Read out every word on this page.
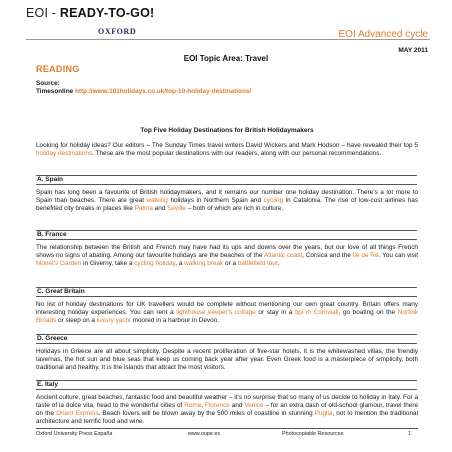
EOI - READY-TO-GO!
OXFORD	EOI Advanced cycle
MAY 2011
EOI Topic Area: Travel
READING
Source:
Timesonline http://www.101holidays.co.uk/top-10-holiday-destinations/
Top Five Holiday Destinations for British Holidaymakers
Looking for holiday ideas? Our editors – The Sunday Times travel writers David Wickers and Mark Hodson – have revealed their top 5 holiday destinations. These are the most popular destinations with our readers, along with our personal recommendations.
A. Spain
Spain has long been a favourite of British holidaymakers, and it remains our number one holiday destination. There’s a lot more to Spain than beaches. There are great walking holidays in Northern Spain and cycling in Catalonia. The rise of low-cost airlines has benefited city breaks in places like Palma and Seville – both of which are rich in culture.
B. France
The relationship between the British and French may have had its ups and downs over the years, but our love of all things French shows no signs of abating. Among our favourite holidays are the beaches of the Atlantic coast, Corsica and the Ile de Ré. You can visit Monet’s Garden in Giverny, take a cycling holiday, a walking break or a battlefield tour.
C. Great Britain
No list of holiday destinations for UK travellers would be complete without mentioning our own great country. Britain offers many interesting holiday experiences. You can rent a lighthouse keeper's cottage or stay in a tipi in Cornwall, go boating on the Norfolk Broads or sleep on a luxury yacht moored in a harbour in Devon.
D. Greece
Holidays in Greece are all about simplicity. Despite a recent proliferation of five-star hotels, it is the whitewashed villas, the friendly tavernas, the hot sun and blue seas that keep us coming back year after year. Even Greek food is a masterpiece of simplicity, both traditional and healthy. It is the islands that attract the most visitors.
E. Italy
Ancient culture, great beaches, fantastic food and beautiful weather – it’s no surprise that so many of us decide to holiday in Italy. For a taste of la dolce vita, head to the wonderful cities of Rome, Florence and Venice – for an extra dash of old-school glamour, travel there on the Orient Express. Beach lovers will be blown away by the 500 miles of coastline in stunning Puglia, not to mention the traditional architecture and terrific food and wine.
Oxford University Press España	www.oupe.es	Photocopiable Resources	1
